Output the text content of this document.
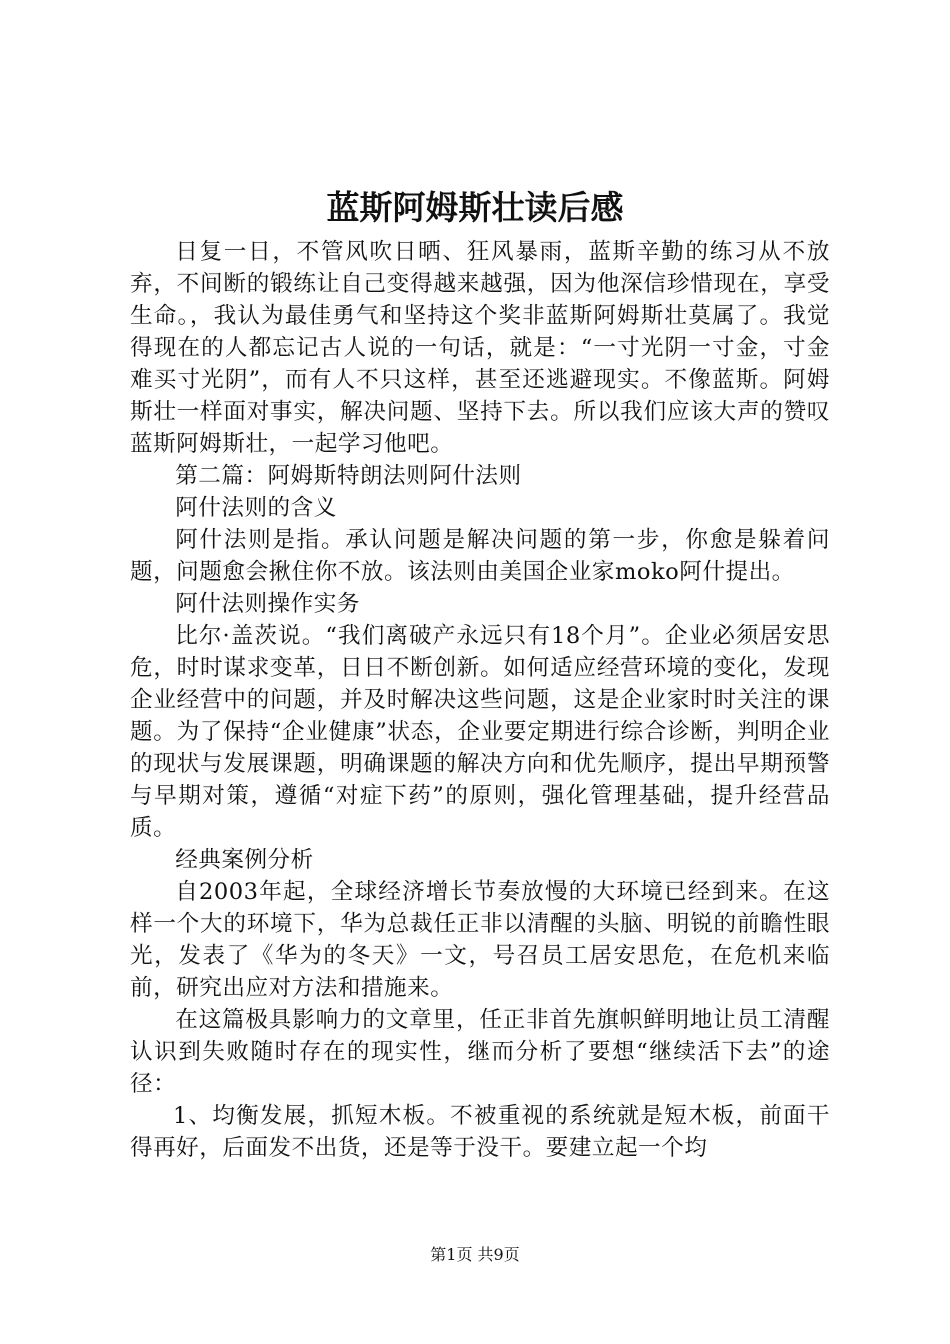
蓝斯阿姆斯壮读后感

日复一日，不管风吹日晒、狂风暴雨，蓝斯辛勤的练习从不放弃，不间断的锻练让自己变得越来越强，因为他深信珍惜现在，享受生命。，我认为最佳勇气和坚持这个奖非蓝斯阿姆斯壮莫属了。我觉得现在的人都忘记古人说的一句话，就是：“一寸光阴一寸金，寸金难买寸光阴”，而有人不只这样，甚至还逃避现实。不像蓝斯。阿姆斯壮一样面对事实，解决问题、坚持下去。所以我们应该大声的赞叹蓝斯阿姆斯壮，一起学习他吧。

第二篇：阿姆斯特朗法则阿什法则

阿什法则的含义

阿什法则是指。承认问题是解决问题的第一步，你愈是躲着问题，问题愈会揪住你不放。该法则由美国企业家moko阿什提出。

阿什法则操作实务

比尔·盖茨说。“我们离破产永远只有18个月”。企业必须居安思危，时时谋求变革，日日不断创新。如何适应经营环境的变化，发现企业经营中的问题，并及时解决这些问题，这是企业家时时关注的课题。为了保持“企业健康”状态，企业要定期进行综合诊断，判明企业的现状与发展课题，明确课题的解决方向和优先顺序，提出早期预警与早期对策，遵循“对症下药”的原则，强化管理基础，提升经营品质。

经典案例分析

自2003年起，全球经济增长节奏放慢的大环境已经到来。在这样一个大的环境下，华为总裁任正非以清醒的头脑、明锐的前瞻性眼光，发表了《华为的冬天》一文，号召员工居安思危，在危机来临前，研究出应对方法和措施来。

在这篇极具影响力的文章里，任正非首先旗帜鲜明地让员工清醒认识到失败随时存在的现实性，继而分析了要想“继续活下去”的途径：

1、均衡发展，抓短木板。不被重视的系统就是短木板，前面干得再好，后面发不出货，还是等于没干。要建立起一个均

第1页 共9页
